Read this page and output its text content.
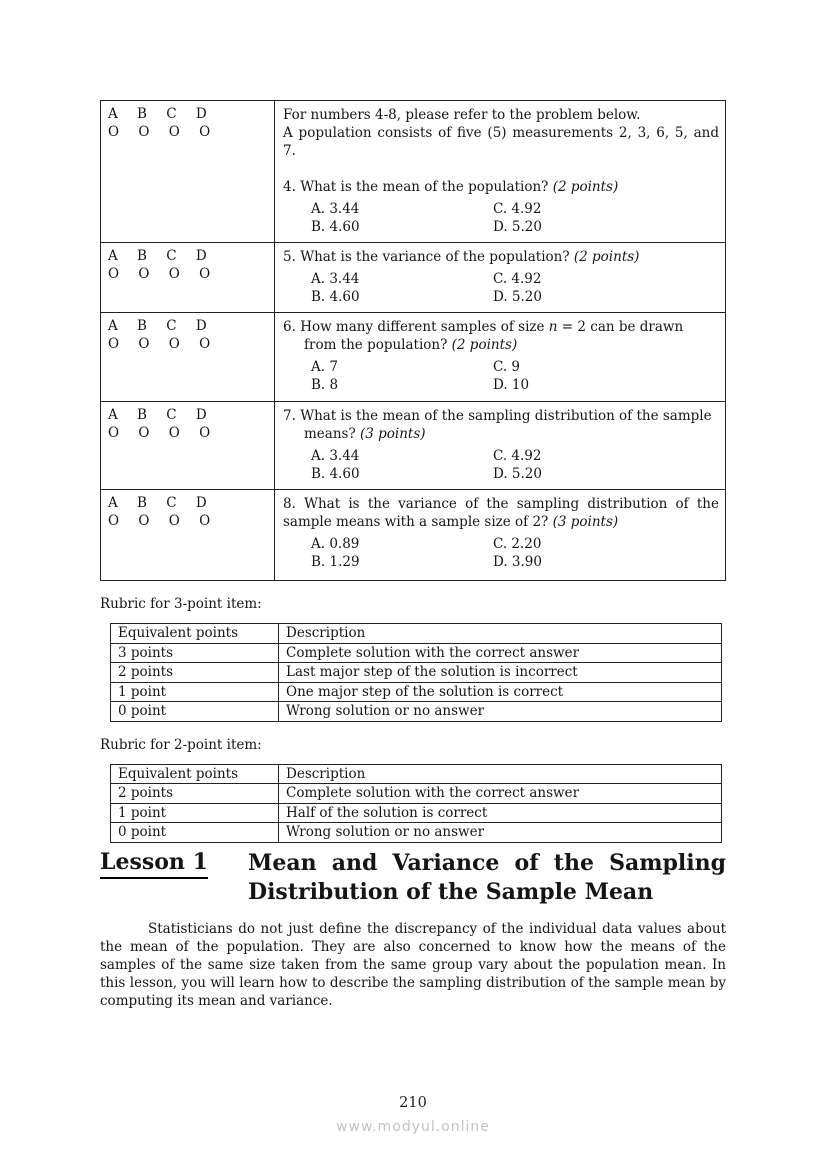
A B C D
O O O O
For numbers 4-8, please refer to the problem below.
A population consists of five (5) measurements 2, 3, 6, 5, and 7.
4. What is the mean of the population? (2 points)
A. 3.44	C. 4.92
B. 4.60	D. 5.20
A B C D
O O O O
5. What is the variance of the population? (2 points)
A. 3.44	C. 4.92
B. 4.60	D. 5.20
A B C D
O O O O
6. How many different samples of size n = 2 can be drawn from the population? (2 points)
A. 7	C. 9
B. 8	D. 10
A B C D
O O O O
7. What is the mean of the sampling distribution of the sample means? (3 points)
A. 3.44	C. 4.92
B. 4.60	D. 5.20
A B C D
O O O O
8. What is the variance of the sampling distribution of the sample means with a sample size of 2? (3 points)
A. 0.89	C. 2.20
B. 1.29	D. 3.90
Rubric for 3-point item:
Equivalent points	Description
3 points	Complete solution with the correct answer
2 points	Last major step of the solution is incorrect
1 point	One major step of the solution is correct
0 point	Wrong solution or no answer
Rubric for 2-point item:
Equivalent points	Description
2 points	Complete solution with the correct answer
1 point	Half of the solution is correct
0 point	Wrong solution or no answer
Lesson 1	Mean and Variance of the Sampling Distribution of the Sample Mean

Statisticians do not just define the discrepancy of the individual data values about the mean of the population. They are also concerned to know how the means of the samples of the same size taken from the same group vary about the population mean. In this lesson, you will learn how to describe the sampling distribution of the sample mean by computing its mean and variance.

210
www.modyul.online
